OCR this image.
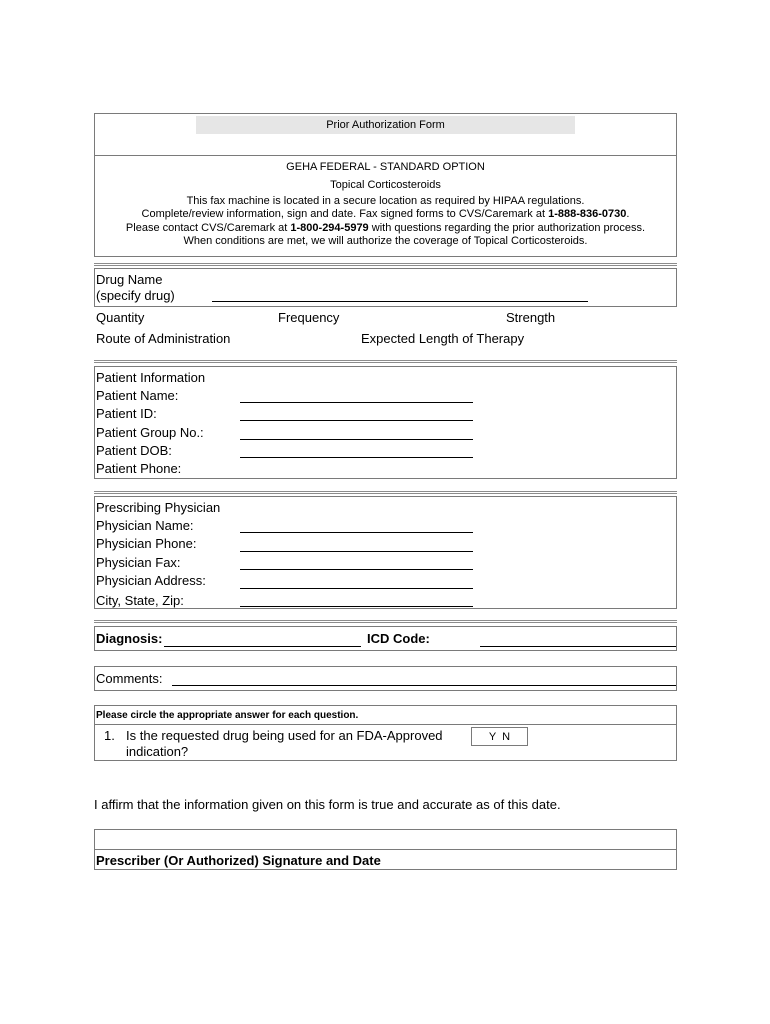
Prior Authorization Form
GEHA FEDERAL - STANDARD OPTION
Topical Corticosteroids
This fax machine is located in a secure location as required by HIPAA regulations.
Complete/review information, sign and date. Fax signed forms to CVS/Caremark at 1-888-836-0730.
Please contact CVS/Caremark at 1-800-294-5979 with questions regarding the prior authorization process.
When conditions are met, we will authorize the coverage of Topical Corticosteroids.
Drug Name
(specify drug)
Quantity	Frequency	Strength
Route of Administration	Expected Length of Therapy
Patient Information
Patient Name:
Patient ID:
Patient Group No.:
Patient DOB:
Patient Phone:
Prescribing Physician
Physician Name:
Physician Phone:
Physician Fax:
Physician Address:
City, State, Zip:
Diagnosis:	ICD Code:
Comments:
Please circle the appropriate answer for each question.
1. Is the requested drug being used for an FDA-Approved
indication?
Y  N
I affirm that the information given on this form is true and accurate as of this date.
Prescriber (Or Authorized) Signature and Date
